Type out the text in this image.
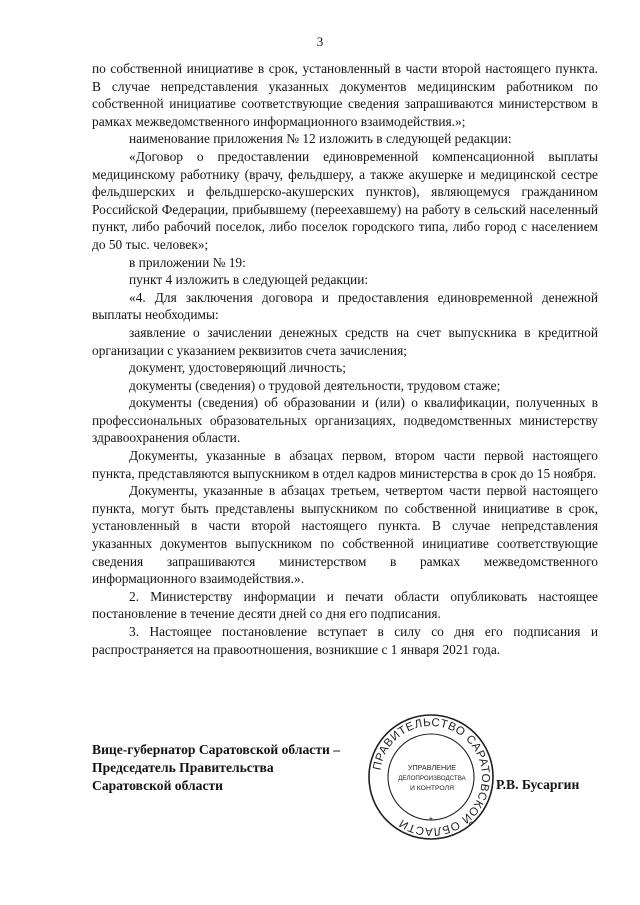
3

по собственной инициативе в срок, установленный в части второй настоящего пункта. В случае непредставления указанных документов медицинским работником по собственной инициативе соответствующие сведения запрашиваются министерством в рамках межведомственного информационного взаимодействия.»;

наименование приложения № 12 изложить в следующей редакции:

«Договор о предоставлении единовременной компенсационной выплаты медицинскому работнику (врачу, фельдшеру, а также акушерке и медицинской сестре фельдшерских и фельдшерско-акушерских пунктов), являющемуся гражданином Российской Федерации, прибывшему (переехавшему) на работу в сельский населенный пункт, либо рабочий поселок, либо поселок городского типа, либо город с населением до 50 тыс. человек»;

в приложении № 19:

пункт 4 изложить в следующей редакции:

«4. Для заключения договора и предоставления единовременной денежной выплаты необходимы:

заявление о зачислении денежных средств на счет выпускника в кредитной организации с указанием реквизитов счета зачисления;

документ, удостоверяющий личность;

документы (сведения) о трудовой деятельности, трудовом стаже;

документы (сведения) об образовании и (или) о квалификации, полученных в профессиональных образовательных организациях, подведомственных министерству здравоохранения области.

Документы, указанные в абзацах первом, втором части первой настоящего пункта, представляются выпускником в отдел кадров министерства в срок до 15 ноября.

Документы, указанные в абзацах третьем, четвертом части первой настоящего пункта, могут быть представлены выпускником по собственной инициативе в срок, установленный в части второй настоящего пункта. В случае непредставления указанных документов выпускником по собственной инициативе соответствующие сведения запрашиваются министерством в рамках межведомственного информационного взаимодействия.».

2. Министерству информации и печати области опубликовать настоящее постановление в течение десяти дней со дня его подписания.

3. Настоящее постановление вступает в силу со дня его подписания и распространяется на правоотношения, возникшие с 1 января 2021 года.

Вице-губернатор Саратовской области –
Председатель Правительства
Саратовской области
ПРАВИТЕЛЬСТВО САРАТОВСКОЙ ОБЛАСТИ	*
УПРАВЛЕНИЕ
ДЕЛОПРОИЗВОДСТВА
И КОНТРОЛЯ	Р.В. Бусаргин
